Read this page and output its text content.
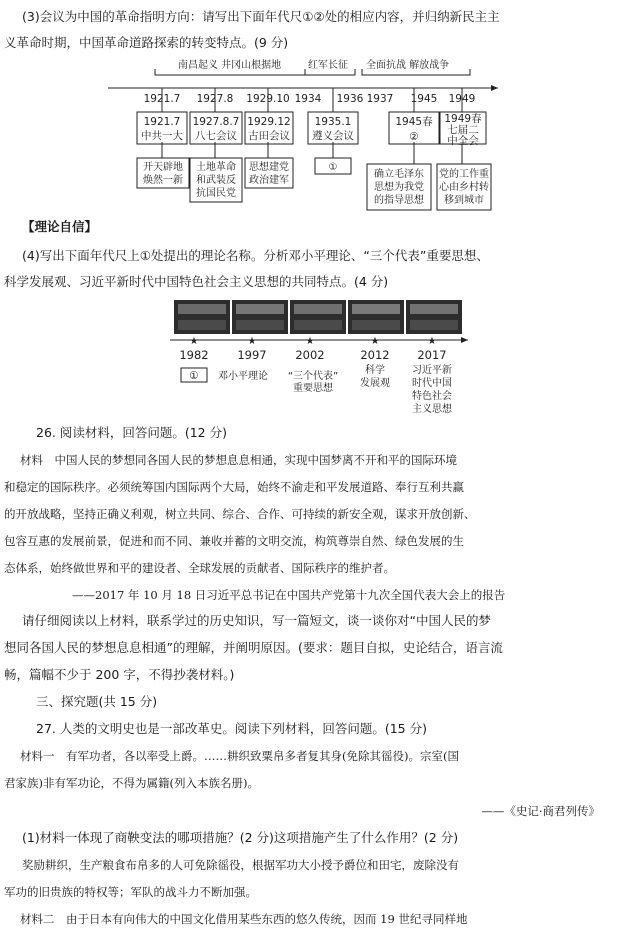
(3)会议为中国的革命指明方向：请写出下面年代尺①②处的相应内容，并归纳新民主主
义革命时期，中国革命道路探索的转变特点。(9 分)
南昌起义 井冈山根据地	红军长征 全面抗战 解放战争
1921.7 1927.8 1929.10 1934 1936 1937 1945 1949
1921.7
中共一大
1927.8.7
八七会议
1929.12
古田会议
1935.1
遵义会议
1945春
②
1949春
七届二
中全会
开天辟地
焕然一新
土地革命
和武装反
抗国民党
思想建党
政治建军
①
确立毛泽东
思想为我党
的指导思想
党的工作重
心由乡村转
移到城市
【理论自信】
(4)写出下面年代尺上①处提出的理论名称。分析邓小平理论、“三个代表”重要思想、
科学发展观、习近平新时代中国特色社会主义思想的共同特点。(4 分)
★	★	★	★	★
1982 1997 2002	2012 2017
① 邓小平理论 “三个代表”
重要思想
科学
发展观
习近平新
时代中国
特色社会
主义思想
26. 阅读材料，回答问题。(12 分)
材料　中国人民的梦想同各国人民的梦想息息相通，实现中国梦离不开和平的国际环境
和稳定的国际秩序。必须统筹国内国际两个大局，始终不渝走和平发展道路、奉行互利共赢
的开放战略，坚持正确义利观，树立共同、综合、合作、可持续的新安全观，谋求开放创新、
包容互惠的发展前景，促进和而不同、兼收并蓄的文明交流，构筑尊崇自然、绿色发展的生
态体系，始终做世界和平的建设者、全球发展的贡献者、国际秩序的维护者。
——2017 年 10 月 18 日习近平总书记在中国共产党第十九次全国代表大会上的报告
请仔细阅读以上材料，联系学过的历史知识，写一篇短文，谈一谈你对“中国人民的梦
想同各国人民的梦想息息相通”的理解，并阐明原因。(要求：题目自拟，史论结合，语言流
畅，篇幅不少于 200 字，不得抄袭材料。)
三、探究题(共 15 分)
27. 人类的文明史也是一部改革史。阅读下列材料，回答问题。(15 分)
材料一　有军功者，各以率受上爵。……耕织致粟帛多者复其身(免除其徭役)。宗室(国
君家族)非有军功论，不得为属籍(列入本族名册)。
——《史记·商君列传》
(1)材料一体现了商鞅变法的哪项措施？(2 分)这项措施产生了什么作用？(2 分)
奖励耕织，生产粮食布帛多的人可免除徭役，根据军功大小授予爵位和田宅，废除没有
军功的旧贵族的特权等；军队的战斗力不断加强。
材料二　由于日本有向伟大的中国文化借用某些东西的悠久传统，因而 19 世纪寻同样地
